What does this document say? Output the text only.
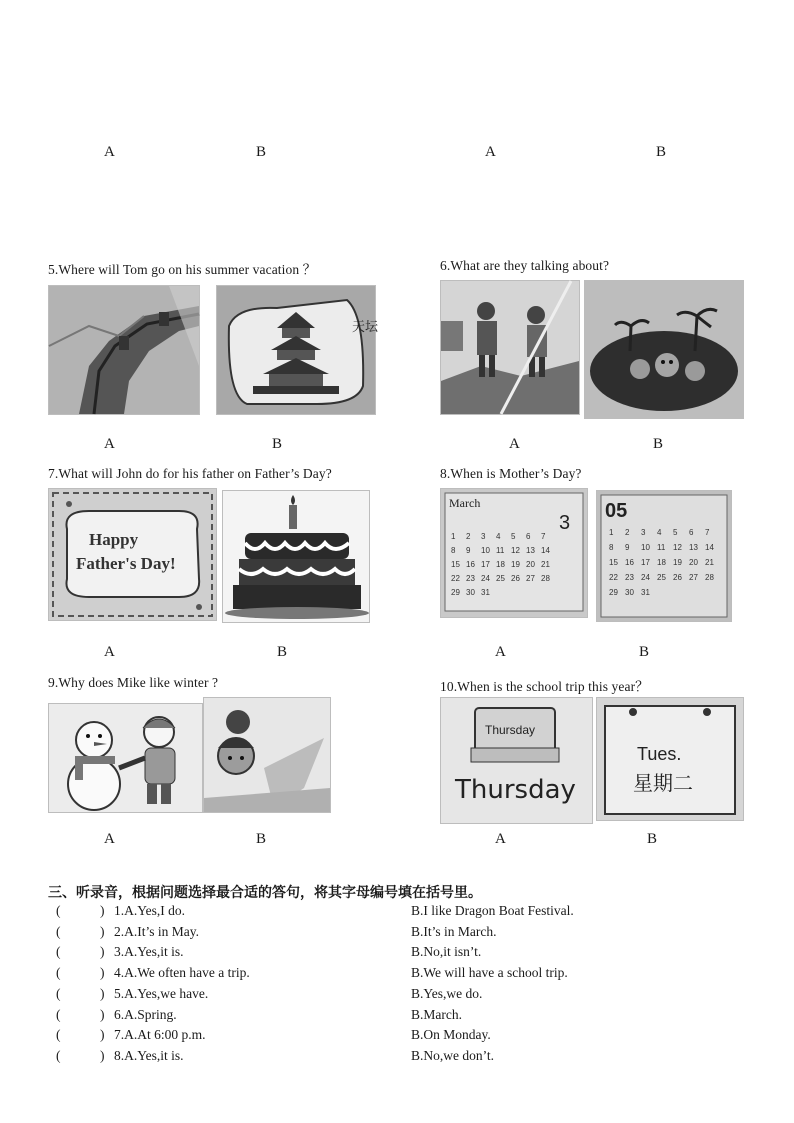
A	B	A	B
5.Where will Tom go on his summer vacation ？
天坛
A	B
6.What are they talking about?
A	B
7.What will John do for his father on Father’s Day?
Happy
Father's Day!
A	B
8.When is Mother’s Day?
March
3
1 2 3 4 5 6 7
8 9 10 11 12 13 14
15 16 17 18 19 20 21
22 23 24 25 26 27 28
29 30 31
05
1 2 3 4 5 6 7
8 9 10 11 12 13 14
15 16 17 18 19 20 21
22 23 24 25 26 27 28
29 30 31
A	B
9.Why does Mike like winter ?
A	B
10.When is the school trip this year？
Thursday
Thursday
Tues.
星期二
A	B
三、听录音，根据问题选择最合适的答句，将其字母编号填在括号里。
(	) 1.A.Yes,I do.	B.I like Dragon Boat Festival.
(	) 2.A.It’s in May.	B.It’s in March.
(	) 3.A.Yes,it is.	B.No,it isn’t.
(	) 4.A.We often have a trip.	B.We will have a school trip.
(	) 5.A.Yes,we have.	B.Yes,we do.
(	) 6.A.Spring.	B.March.
(	) 7.A.At 6:00 p.m.	B.On Monday.
(	) 8.A.Yes,it is.	B.No,we don’t.
